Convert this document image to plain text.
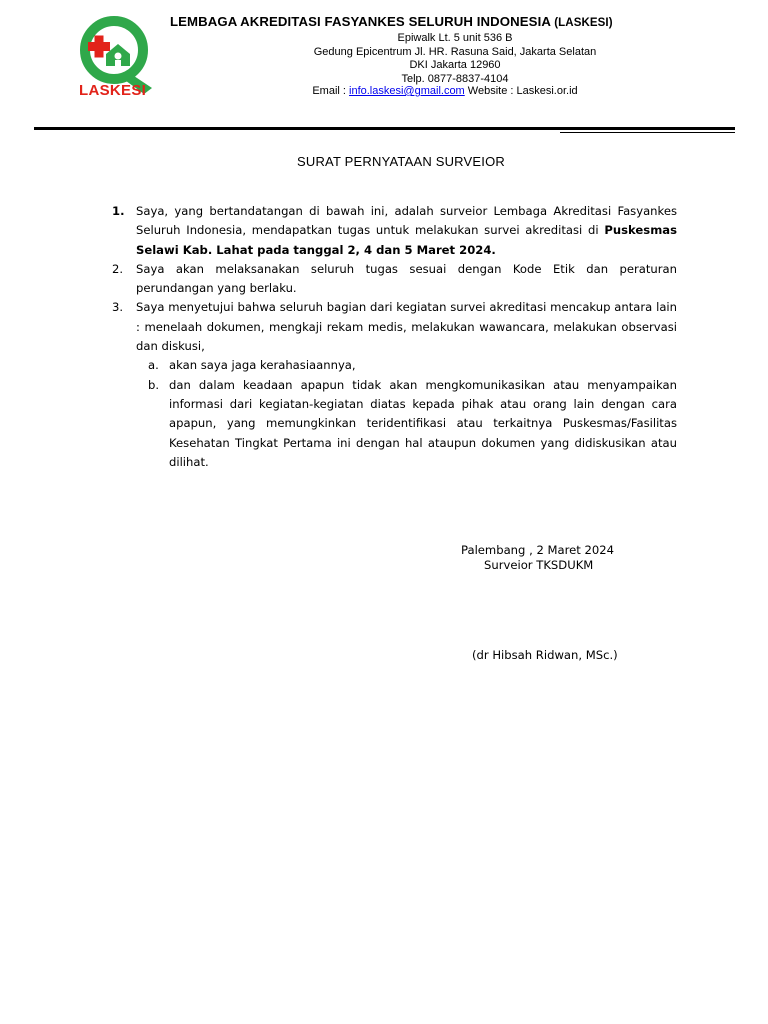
LASKESI
LEMBAGA AKREDITASI FASYANKES SELURUH INDONESIA (LASKESI)
Epiwalk Lt. 5 unit 536 B
Gedung Epicentrum Jl. HR. Rasuna Said, Jakarta Selatan
DKI Jakarta 12960
Telp. 0877-8837-4104
Email : info.laskesi@gmail.com Website : Laskesi.or.id
SURAT PERNYATAAN SURVEIOR
1. Saya, yang bertandatangan di bawah ini, adalah surveior Lembaga Akreditasi Fasyankes Seluruh Indonesia, mendapatkan tugas untuk melakukan survei akreditasi di Puskesmas Selawi Kab. Lahat pada tanggal 2, 4 dan 5 Maret 2024.
2. Saya akan melaksanakan seluruh tugas sesuai dengan Kode Etik dan peraturan perundangan yang berlaku.
3. Saya menyetujui bahwa seluruh bagian dari kegiatan survei akreditasi mencakup antara lain : menelaah dokumen, mengkaji rekam medis, melakukan wawancara, melakukan observasi dan diskusi,
a. akan saya jaga kerahasiaannya,
b. dan dalam keadaan apapun tidak akan mengkomunikasikan atau menyampaikan informasi dari kegiatan-kegiatan diatas kepada pihak atau orang lain dengan cara apapun, yang memungkinkan teridentifikasi atau terkaitnya Puskesmas/Fasilitas Kesehatan Tingkat Pertama ini dengan hal ataupun dokumen yang didiskusikan atau dilihat.
Palembang , 2 Maret 2024
Surveior TKSDUKM
(dr Hibsah Ridwan, MSc.)
